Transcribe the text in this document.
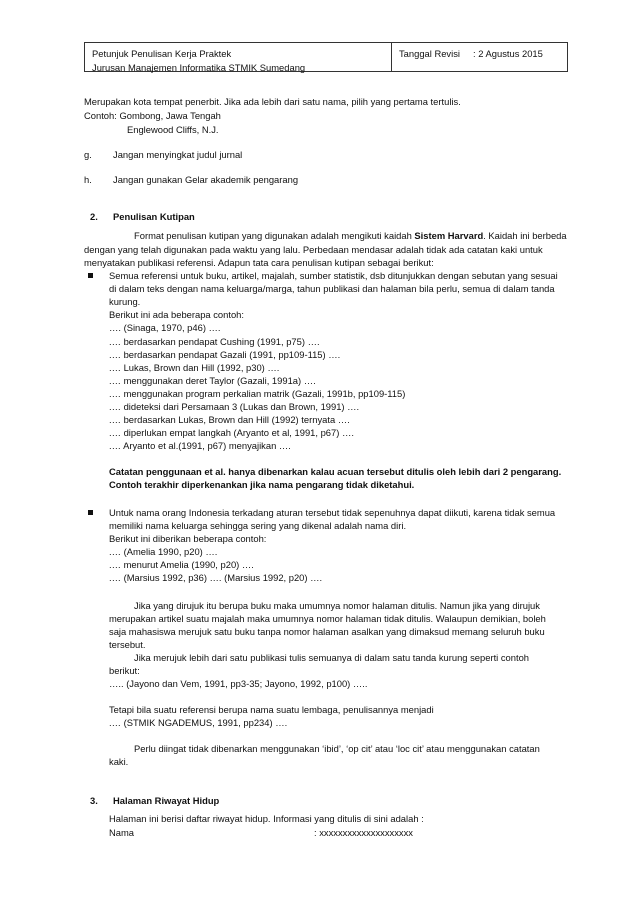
Petunjuk Penulisan Kerja Praktek
Jurusan Manajemen Informatika STMIK Sumedang
Tanggal Revisi	: 2 Agustus 2015
Merupakan kota tempat penerbit. Jika ada lebih dari satu nama, pilih yang pertama tertulis.
Contoh: Gombong, Jawa Tengah
Englewood Cliffs, N.J.
g. Jangan menyingkat judul jurnal
h. Jangan gunakan Gelar akademik pengarang
2. Penulisan Kutipan
Format penulisan kutipan yang digunakan adalah mengikuti kaidah Sistem Harvard. Kaidah ini berbeda
dengan yang telah digunakan pada waktu yang lalu. Perbedaan mendasar adalah tidak ada catatan kaki untuk
menyatakan publikasi referensi. Adapun tata cara penulisan kutipan sebagai berikut:
Semua referensi untuk buku, artikel, majalah, sumber statistik, dsb ditunjukkan dengan sebutan yang sesuai
di dalam teks dengan nama keluarga/marga, tahun publikasi dan halaman bila perlu, semua di dalam tanda
kurung.
Berikut ini ada beberapa contoh:
…. (Sinaga, 1970, p46) ….
.… berdasarkan pendapat Cushing (1991, p75) ….
.… berdasarkan pendapat Gazali (1991, pp109-115) ….
.… Lukas, Brown dan Hill (1992, p30) ….
.… menggunakan deret Taylor (Gazali, 1991a) ….
.… menggunakan program perkalian matrik (Gazali, 1991b, pp109-115)
.… dideteksi dari Persamaan 3 (Lukas dan Brown, 1991) ….
.… berdasarkan Lukas, Brown dan Hill (1992) ternyata ….
.… diperlukan empat langkah (Aryanto et al, 1991, p67) ….
.… Aryanto et al.(1991, p67) menyajikan ….
Catatan penggunaan et al. hanya dibenarkan kalau acuan tersebut ditulis oleh lebih dari 2 pengarang.
Contoh terakhir diperkenankan jika nama pengarang tidak diketahui.
Untuk nama orang Indonesia terkadang aturan tersebut tidak sepenuhnya dapat diikuti, karena tidak semua
memiliki nama keluarga sehingga sering yang dikenal adalah nama diri.
Berikut ini diberikan beberapa contoh:
.… (Amelia 1990, p20) ….
.… menurut Amelia (1990, p20) ….
.… (Marsius 1992, p36) …. (Marsius 1992, p20) ….
Jika yang dirujuk itu berupa buku maka umumnya nomor halaman ditulis. Namun jika yang dirujuk
merupakan artikel suatu majalah maka umumnya nomor halaman tidak ditulis. Walaupun demikian, boleh
saja mahasiswa merujuk satu buku tanpa nomor halaman asalkan yang dimaksud memang seluruh buku
tersebut.
Jika merujuk lebih dari satu publikasi tulis semuanya di dalam satu tanda kurung seperti contoh
berikut:
….. (Jayono dan Vem, 1991, pp3-35; Jayono, 1992, p100) …..
Tetapi bila suatu referensi berupa nama suatu lembaga, penulisannya menjadi
.… (STMIK NGADEMUS, 1991, pp234) ….
Perlu diingat tidak dibenarkan menggunakan ‘ibid’, ‘op cit’ atau ‘loc cit’ atau menggunakan catatan
kaki.
3. Halaman Riwayat Hidup
Halaman ini berisi daftar riwayat hidup. Informasi yang ditulis di sini adalah :
Nama	: xxxxxxxxxxxxxxxxxxxx
